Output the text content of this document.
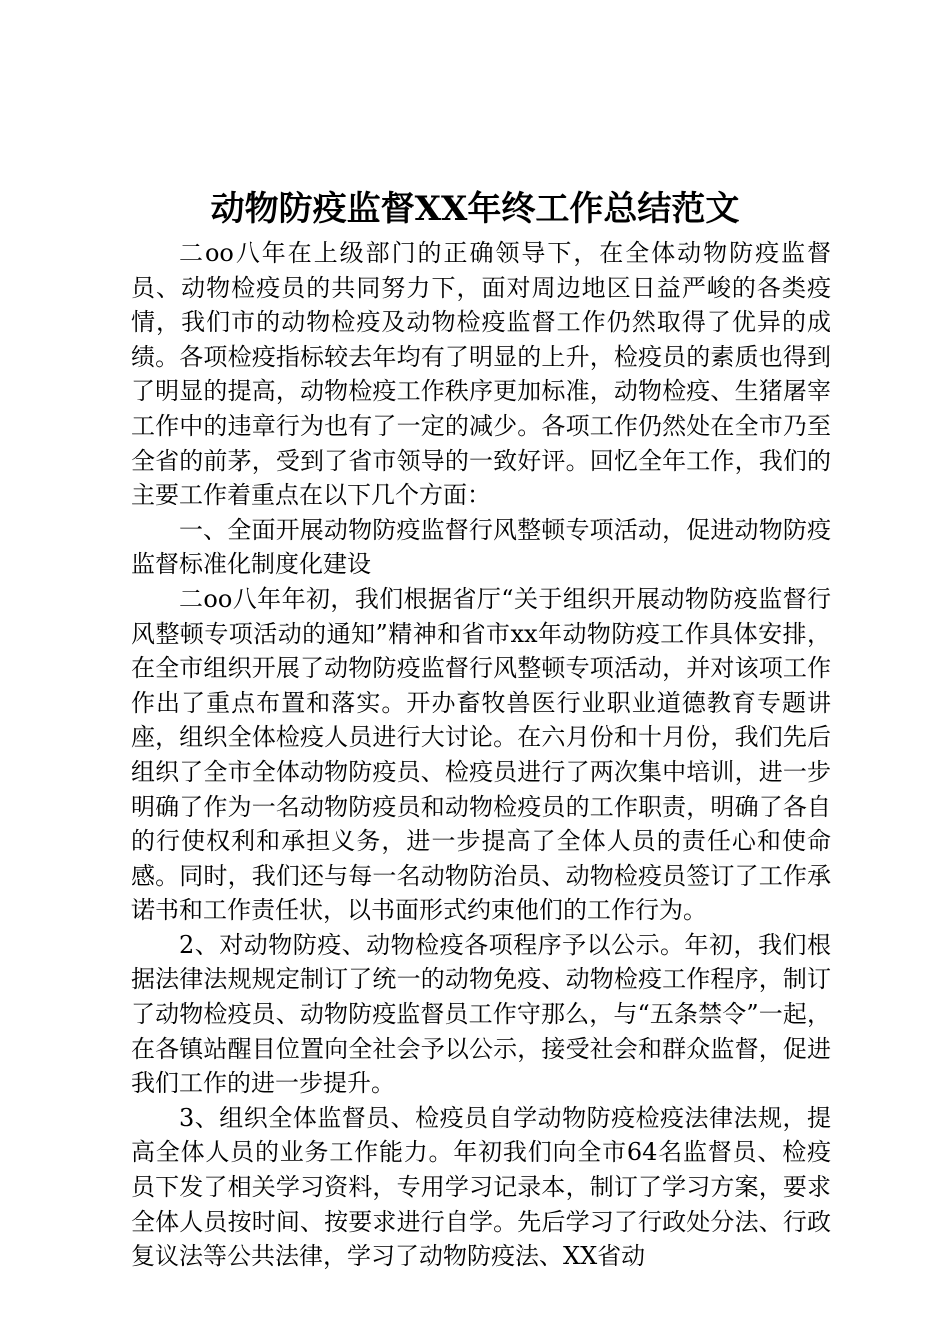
动物防疫监督XX年终工作总结范文

二oo八年在上级部门的正确领导下，在全体动物防疫监督员、动物检疫员的共同努力下，面对周边地区日益严峻的各类疫情，我们市的动物检疫及动物检疫监督工作仍然取得了优异的成绩。各项检疫指标较去年均有了明显的上升，检疫员的素质也得到了明显的提高，动物检疫工作秩序更加标准，动物检疫、生猪屠宰工作中的违章行为也有了一定的减少。各项工作仍然处在全市乃至全省的前茅，受到了省市领导的一致好评。回忆全年工作，我们的主要工作着重点在以下几个方面：

一、全面开展动物防疫监督行风整顿专项活动，促进动物防疫监督标准化制度化建设

二oo八年年初，我们根据省厅“关于组织开展动物防疫监督行风整顿专项活动的通知”精神和省市xx年动物防疫工作具体安排，在全市组织开展了动物防疫监督行风整顿专项活动，并对该项工作作出了重点布置和落实。开办畜牧兽医行业职业道德教育专题讲座，组织全体检疫人员进行大讨论。在六月份和十月份，我们先后组织了全市全体动物防疫员、检疫员进行了两次集中培训，进一步明确了作为一名动物防疫员和动物检疫员的工作职责，明确了各自的行使权利和承担义务，进一步提高了全体人员的责任心和使命感。同时，我们还与每一名动物防治员、动物检疫员签订了工作承诺书和工作责任状，以书面形式约束他们的工作行为。

2、对动物防疫、动物检疫各项程序予以公示。年初，我们根据法律法规规定制订了统一的动物免疫、动物检疫工作程序，制订了动物检疫员、动物防疫监督员工作守那么，与“五条禁令”一起，在各镇站醒目位置向全社会予以公示，接受社会和群众监督，促进我们工作的进一步提升。

3、组织全体监督员、检疫员自学动物防疫检疫法律法规，提高全体人员的业务工作能力。年初我们向全市64名监督员、检疫员下发了相关学习资料，专用学习记录本，制订了学习方案，要求全体人员按时间、按要求进行自学。先后学习了行政处分法、行政复议法等公共法律，学习了动物防疫法、XX省动
